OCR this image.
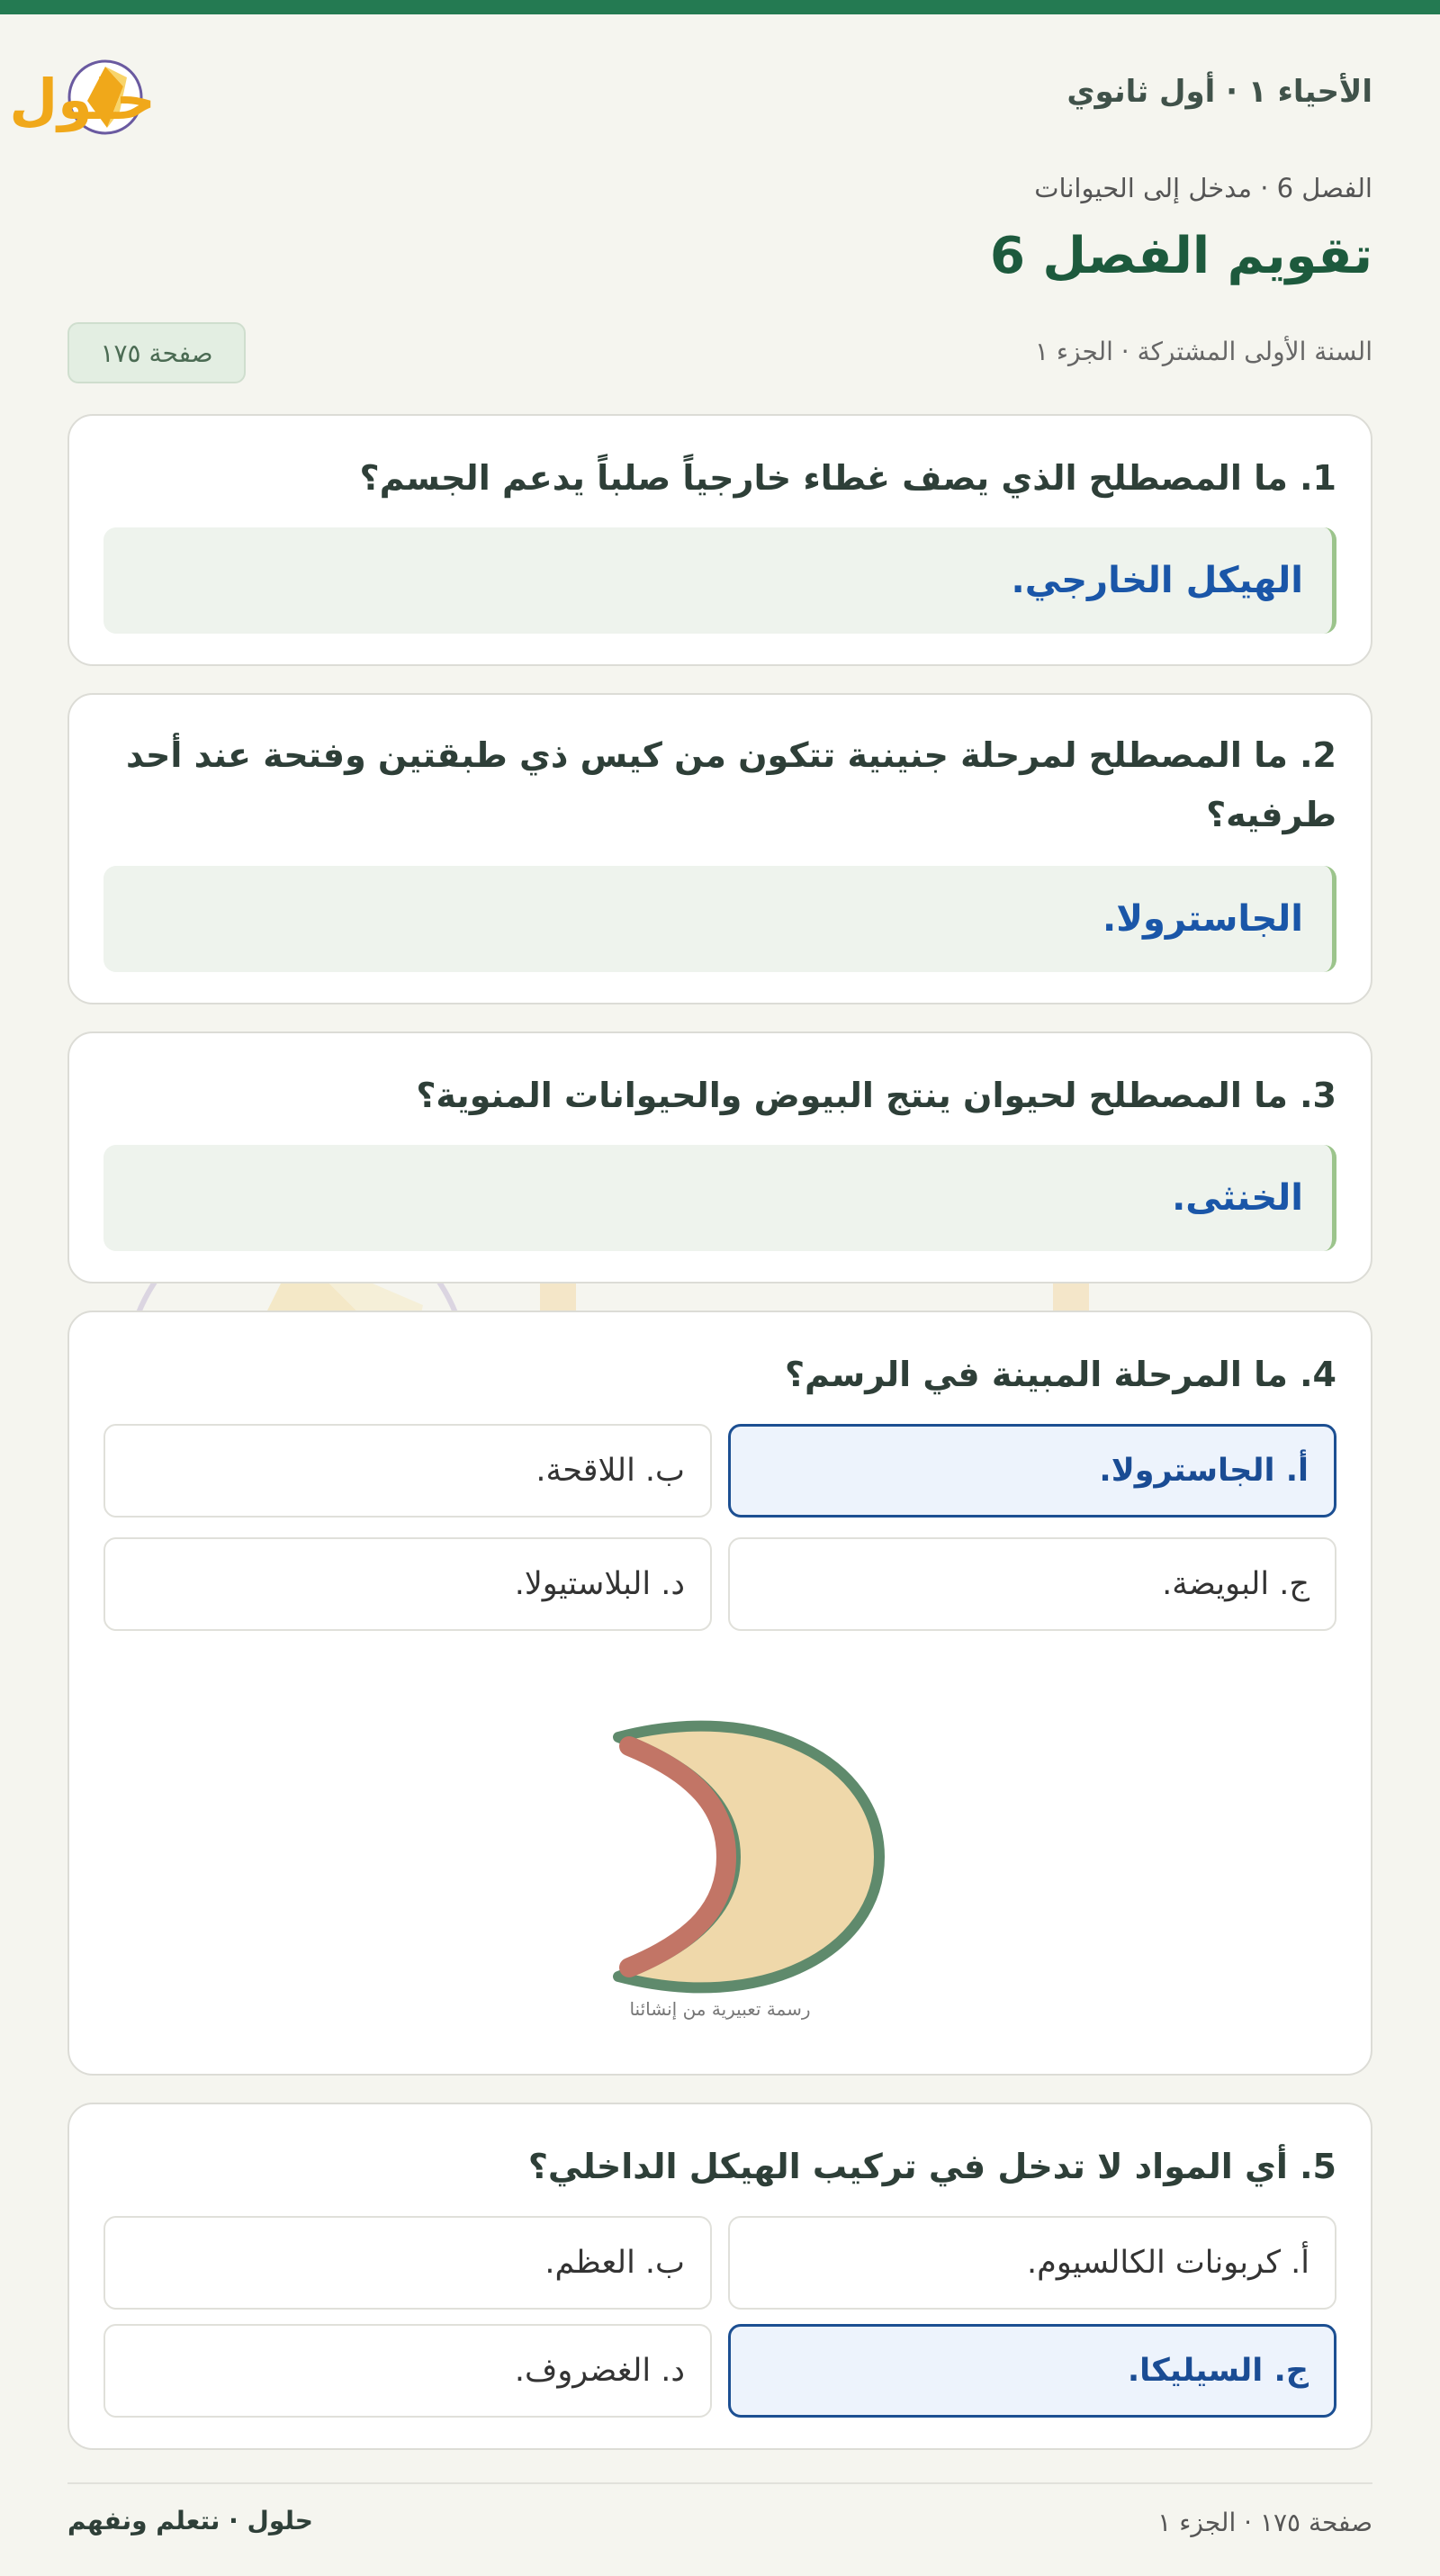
الأحياء ١ · أول ثانوي
حلول
الفصل 6 · مدخل إلى الحيوانات
تقويم الفصل 6
السنة الأولى المشتركة · الجزء ١
صفحة ١٧٥

1. ما المصطلح الذي يصف غطاء خارجياً صلباً يدعم الجسم؟

الهيكل الخارجي.

2. ما المصطلح لمرحلة جنينية تتكون من كيس ذي طبقتين وفتحة عند أحد طرفيه؟

الجاسترولا.

3. ما المصطلح لحيوان ينتج البيوض والحيوانات المنوية؟

الخنثى.

4. ما المرحلة المبينة في الرسم؟

أ. الجاسترولا.
ب. اللاقحة.
ج. البويضة.
د. البلاستيولا.
رسمة تعبيرية من إنشائنا

5. أي المواد لا تدخل في تركيب الهيكل الداخلي؟

أ. كربونات الكالسيوم.
ب. العظم.
ج. السيليكا.
د. الغضروف.
صفحة ١٧٥ · الجزء ١
حلول · نتعلم ونفهم
